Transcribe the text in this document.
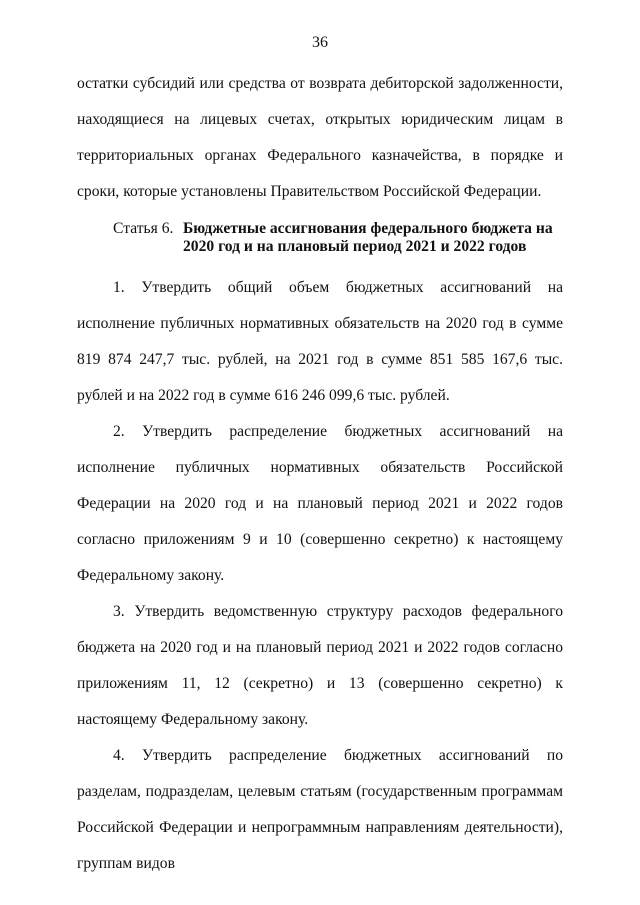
36

остатки субсидий или средства от возврата дебиторской задолженности, находящиеся на лицевых счетах, открытых юридическим лицам в территориальных органах Федерального казначейства, в порядке и сроки, которые установлены Правительством Российской Федерации.

Статья 6. Бюджетные ассигнования федерального бюджета на 2020 год и на плановый период 2021 и 2022 годов

1. Утвердить общий объем бюджетных ассигнований на исполнение публичных нормативных обязательств на 2020 год в сумме 819 874 247,7 тыс. рублей, на 2021 год в сумме 851 585 167,6 тыс. рублей и на 2022 год в сумме 616 246 099,6 тыс. рублей.

2. Утвердить распределение бюджетных ассигнований на исполнение публичных нормативных обязательств Российской Федерации на 2020 год и на плановый период 2021 и 2022 годов согласно приложениям 9 и 10 (совершенно секретно) к настоящему Федеральному закону.

3. Утвердить ведомственную структуру расходов федерального бюджета на 2020 год и на плановый период 2021 и 2022 годов согласно приложениям 11, 12 (секретно) и 13 (совершенно секретно) к настоящему Федеральному закону.

4. Утвердить распределение бюджетных ассигнований по разделам, подразделам, целевым статьям (государственным программам Российской Федерации и непрограммным направлениям деятельности), группам видов
